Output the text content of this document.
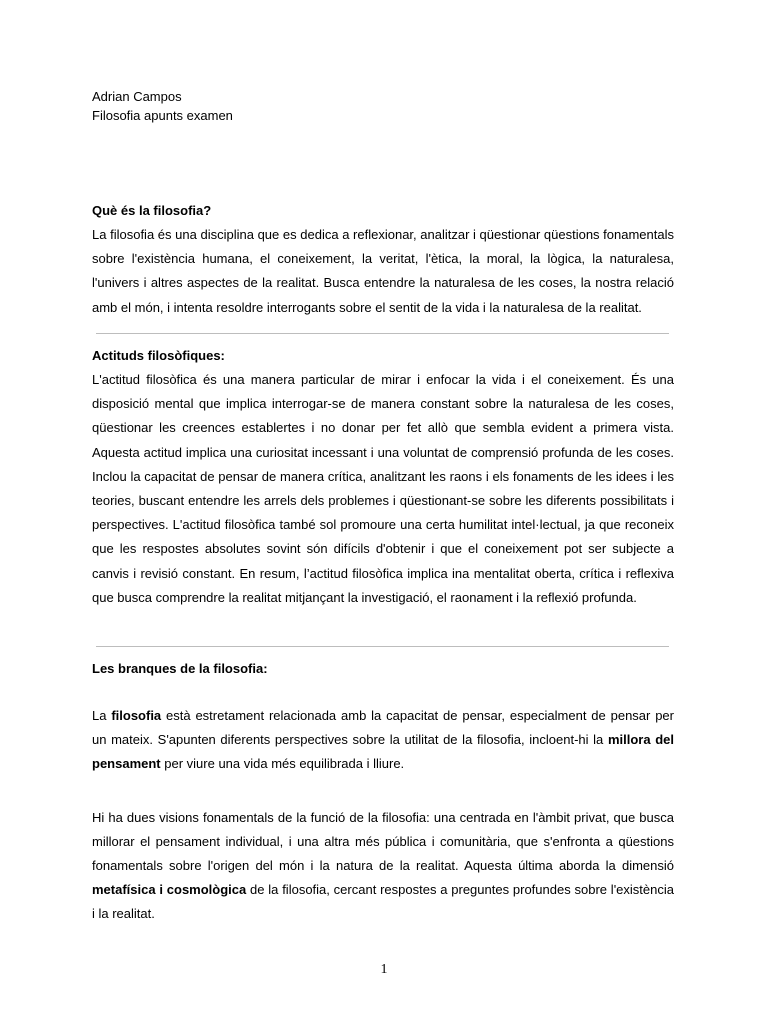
Adrian Campos
Filosofia apunts examen
Què és la filosofia?

La filosofia és una disciplina que es dedica a reflexionar, analitzar i qüestionar qüestions fonamentals sobre l'existència humana, el coneixement, la veritat, l'ètica, la moral, la lògica, la naturalesa, l'univers i altres aspectes de la realitat. Busca entendre la naturalesa de les coses, la nostra relació amb el món, i intenta resoldre interrogants sobre el sentit de la vida i la naturalesa de la realitat.

Actituds filosòfiques:

L'actitud filosòfica és una manera particular de mirar i enfocar la vida i el coneixement. És una disposició mental que implica interrogar-se de manera constant sobre la naturalesa de les coses, qüestionar les creences establertes i no donar per fet allò que sembla evident a primera vista. Aquesta actitud implica una curiositat incessant i una voluntat de comprensió profunda de les coses. Inclou la capacitat de pensar de manera crítica, analitzant les raons i els fonaments de les idees i les teories, buscant entendre les arrels dels problemes i qüestionant-se sobre les diferents possibilitats i perspectives. L'actitud filosòfica també sol promoure una certa humilitat intel·lectual, ja que reconeix que les respostes absolutes sovint són difícils d'obtenir i que el coneixement pot ser subjecte a canvis i revisió constant. En resum, l’actitud filosòfica implica ina mentalitat oberta, crítica i reflexiva que busca comprendre la realitat mitjançant la investigació, el raonament i la reflexió profunda.

Les branques de la filosofia:

La filosofia està estretament relacionada amb la capacitat de pensar, especialment de pensar per un mateix. S'apunten diferents perspectives sobre la utilitat de la filosofia, incloent-hi la millora del pensament per viure una vida més equilibrada i lliure.

Hi ha dues visions fonamentals de la funció de la filosofia: una centrada en l'àmbit privat, que busca millorar el pensament individual, i una altra més pública i comunitària, que s'enfronta a qüestions fonamentals sobre l'origen del món i la natura de la realitat. Aquesta última aborda la dimensió metafísica i cosmològica de la filosofia, cercant respostes a preguntes profundes sobre l'existència i la realitat.

1
